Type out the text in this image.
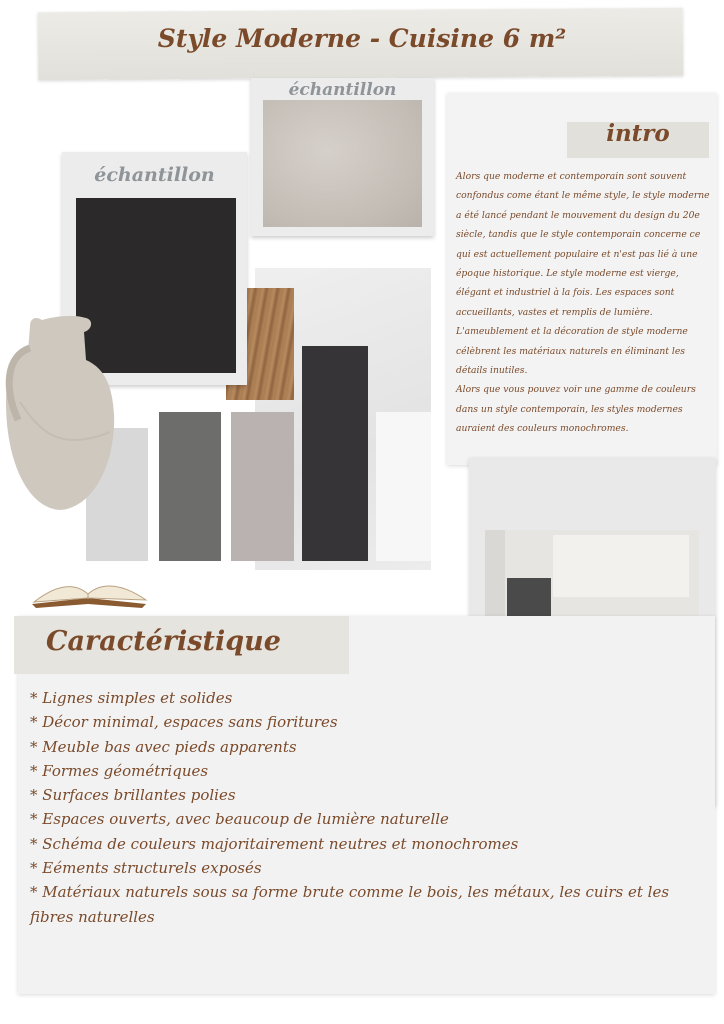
Style Moderne - Cuisine 6 m²
échantillon
échantillon
intro
Alors que moderne et contemporain sont souvent confondus come étant le même style, le style moderne a été lancé pendant le mouvement du design du 20e siècle, tandis que le style contemporain concerne ce qui est actuellement populaire et n'est pas lié à une époque historique. Le style moderne est vierge, élégant et industriel à la fois. Les espaces sont accueillants, vastes et remplis de lumière. L'ameublement et la décoration de style moderne célèbrent les matériaux naturels en éliminant les détails inutiles.
Alors que vous pouvez voir une gamme de couleurs dans un style contemporain, les styles modernes auraient des couleurs monochromes.
Caractéristique
* Lignes simples et solides
* Décor minimal, espaces sans fioritures
* Meuble bas avec pieds apparents
* Formes géométriques
* Surfaces brillantes polies
* Espaces ouverts, avec beaucoup de lumière naturelle
* Schéma de couleurs majoritairement neutres et monochromes
* Eéments structurels exposés
* Matériaux naturels sous sa forme brute comme le bois, les métaux, les cuirs et les fibres naturelles
